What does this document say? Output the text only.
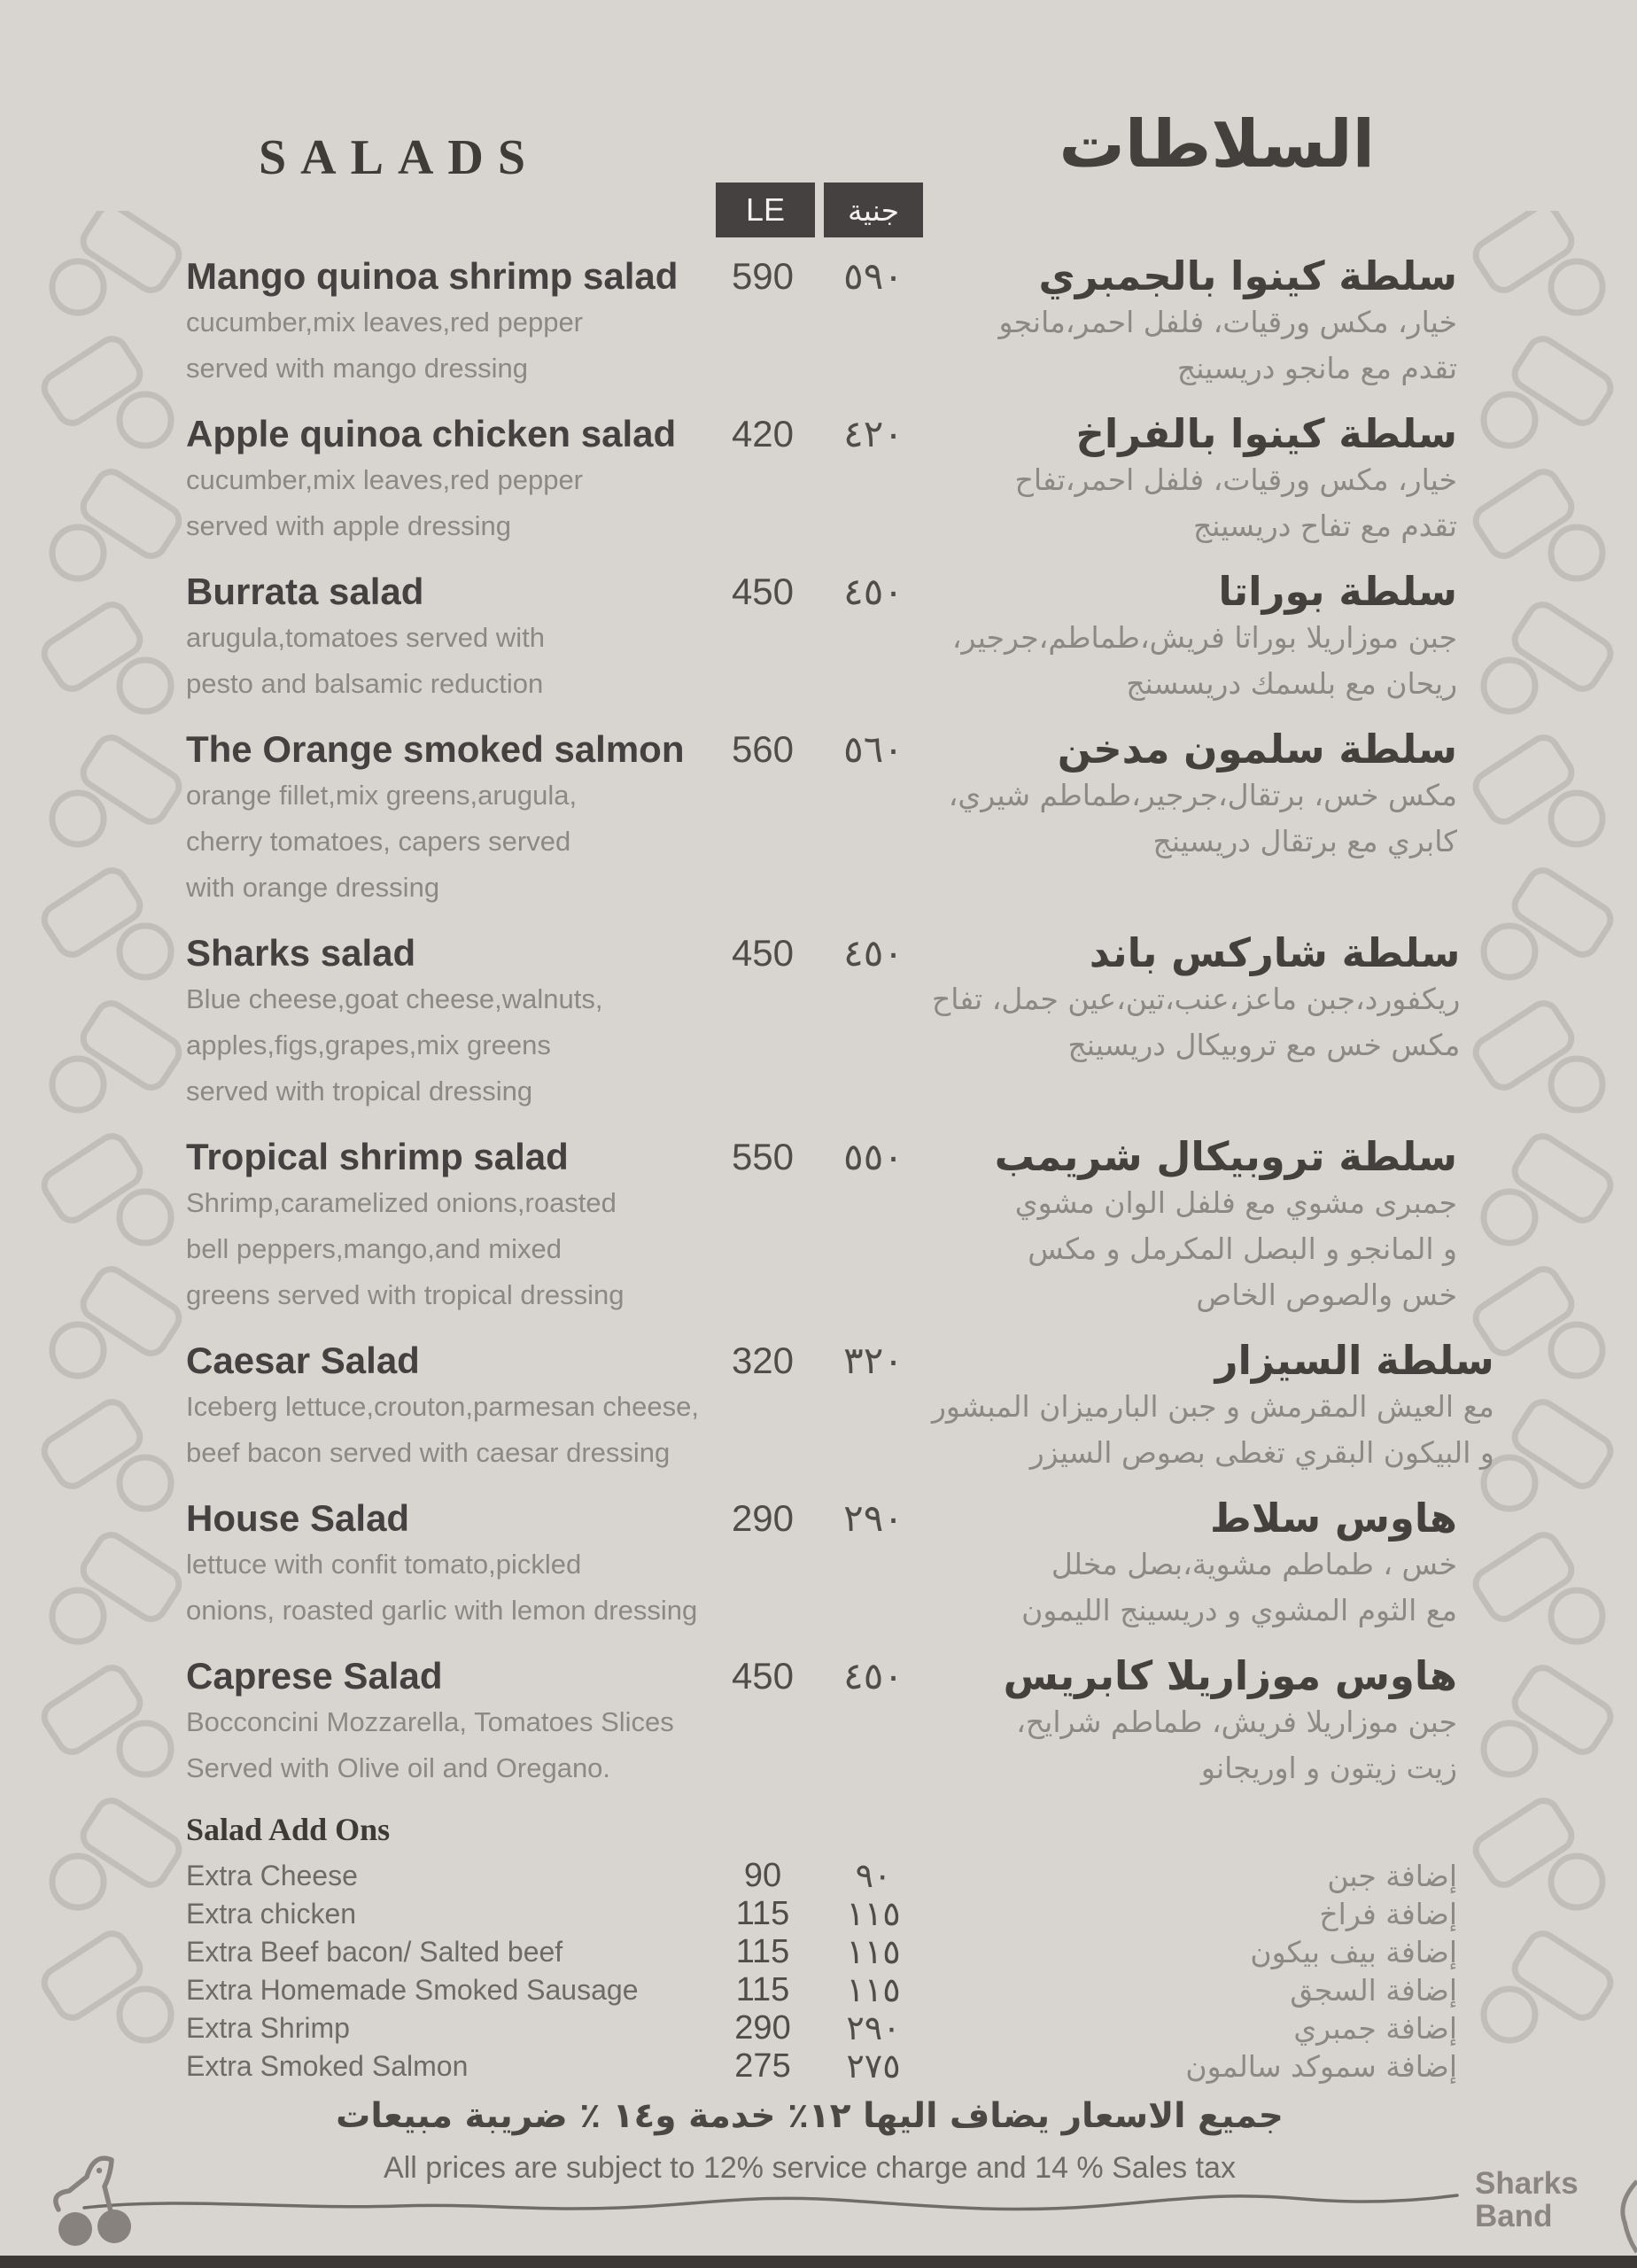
SALADS	السلاطات
LE	جنية
Mango quinoa shrimp salad	590	٥٩٠	سلطة كينوا بالجمبري
cucumber,mix leaves,red pepper
served with mango dressing
خيار، مكس ورقيات، فلفل احمر،مانجو
تقدم مع مانجو دريسينج
Apple quinoa chicken salad	420	٤٢٠	سلطة كينوا بالفراخ
cucumber,mix leaves,red pepper
served with apple dressing
خيار، مكس ورقيات، فلفل احمر،تفاح
تقدم مع تفاح دريسينج
Burrata salad	450	٤٥٠	سلطة بوراتا
arugula,tomatoes served with
pesto and balsamic reduction
جبن موزاريلا بوراتا فريش،طماطم،جرجير،
ريحان مع بلسمك دريسسنج
The Orange smoked salmon	560	٥٦٠	سلطة سلمون مدخن
orange fillet,mix greens,arugula,
cherry tomatoes, capers served
with orange dressing
مكس خس، برتقال،جرجير،طماطم شيري،
كابري مع برتقال دريسينج
Sharks salad	450	٤٥٠	سلطة شاركس باند
Blue cheese,goat cheese,walnuts,
apples,figs,grapes,mix greens
served with tropical dressing
ريكفورد،جبن ماعز،عنب،تين،عين جمل، تفاح
مكس خس مع تروبيكال دريسينج
Tropical shrimp salad	550	٥٥٠	سلطة تروبيكال شريمب
Shrimp,caramelized onions,roasted
bell peppers,mango,and mixed
greens served with tropical dressing
جمبرى مشوي مع فلفل الوان مشوي
و المانجو و البصل المكرمل و مكس
خس والصوص الخاص
Caesar Salad	320	٣٢٠	سلطة السيزار
Iceberg lettuce,crouton,parmesan cheese,
beef bacon served with caesar dressing
مع العيش المقرمش و جبن البارميزان المبشور
و البيكون البقري تغطى بصوص السيزر
House Salad	290	٢٩٠	هاوس سلاط
lettuce with confit tomato,pickled
onions, roasted garlic with lemon dressing
خس ، طماطم مشوية،بصل مخلل
مع الثوم المشوي و دريسينج الليمون
Caprese Salad	450	٤٥٠	هاوس موزاريلا كابريس
Bocconcini Mozzarella, Tomatoes Slices
Served with Olive oil and Oregano.
جبن موزاريلا فريش، طماطم شرايح،
زيت زيتون و اوريجانو
Salad Add Ons
Extra Cheese	90	٩٠	إضافة جبن
Extra chicken	115	١١٥	إضافة فراخ
Extra Beef bacon/ Salted beef	115	١١٥	إضافة بيف بيكون
Extra Homemade Smoked Sausage	115	١١٥	إضافة السجق
Extra Shrimp	290	٢٩٠	إضافة جمبري
Extra Smoked Salmon	275	٢٧٥	إضافة سموكد سالمون
جميع الاسعار يضاف اليها ١٢٪ خدمة و١٤ ٪ ضريبة مبيعات
All prices are subject to 12% service charge and 14 % Sales tax	Sharks
Band
